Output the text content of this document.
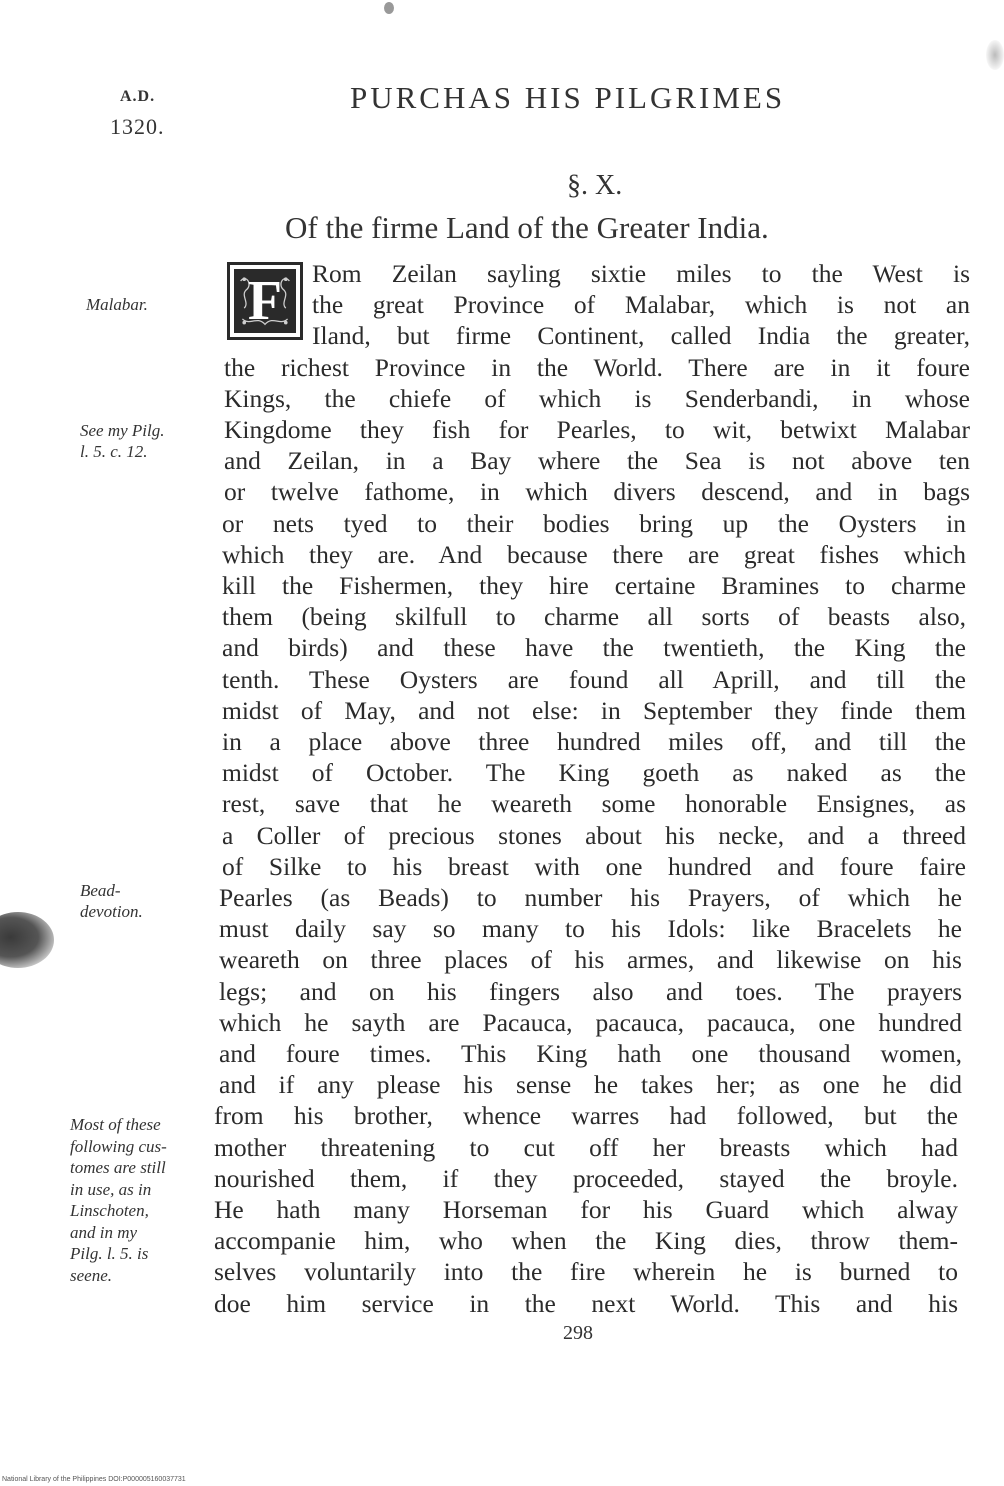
A.D.
1320.
PURCHAS HIS PILGRIMES
§. X.
Of the firme Land of the Greater India.
F Rom Zeilan sayling sixtie miles to the West is
the great Province of Malabar, which is not an
Iland, but firme Continent, called India the greater,
the richest Province in the World. There are in it foure
Kings, the chiefe of which is Senderbandi, in whose
Kingdome they fish for Pearles, to wit, betwixt Malabar
and Zeilan, in a Bay where the Sea is not above ten
or twelve fathome, in which divers descend, and in bags
or nets tyed to their bodies bring up the Oysters in
which they are. And because there are great fishes which
kill the Fishermen, they hire certaine Bramines to charme
them (being skilfull to charme all sorts of beasts also,
and birds) and these have the twentieth, the King the
tenth. These Oysters are found all Aprill, and till the
midst of May, and not else: in September they finde them
in a place above three hundred miles off, and till the
midst of October. The King goeth as naked as the
rest, save that he weareth some honorable Ensignes, as
a Coller of precious stones about his necke, and a threed
of Silke to his breast with one hundred and foure faire
Pearles (as Beads) to number his Prayers, of which he
must daily say so many to his Idols: like Bracelets he
weareth on three places of his armes, and likewise on his
legs; and on his fingers also and toes. The prayers
which he sayth are Pacauca, pacauca, pacauca, one hundred
and foure times. This King hath one thousand women,
and if any please his sense he takes her; as one he did
from his brother, whence warres had followed, but the
mother threatening to cut off her breasts which had
nourished them, if they proceeded, stayed the broyle.
He hath many Horseman for his Guard which alway
accompanie him, who when the King dies, throw them-
selves voluntarily into the fire wherein he is burned to
doe him service in the next World. This and his
Malabar.
See my Pilg.
l. 5. c. 12.
Bead-
devotion.
Most of these
following cus-
tomes are still
in use, as in
Linschoten,
and in my
Pilg. l. 5. is
seene.
298
National Library of the Philippines DOI:P000005160037731
